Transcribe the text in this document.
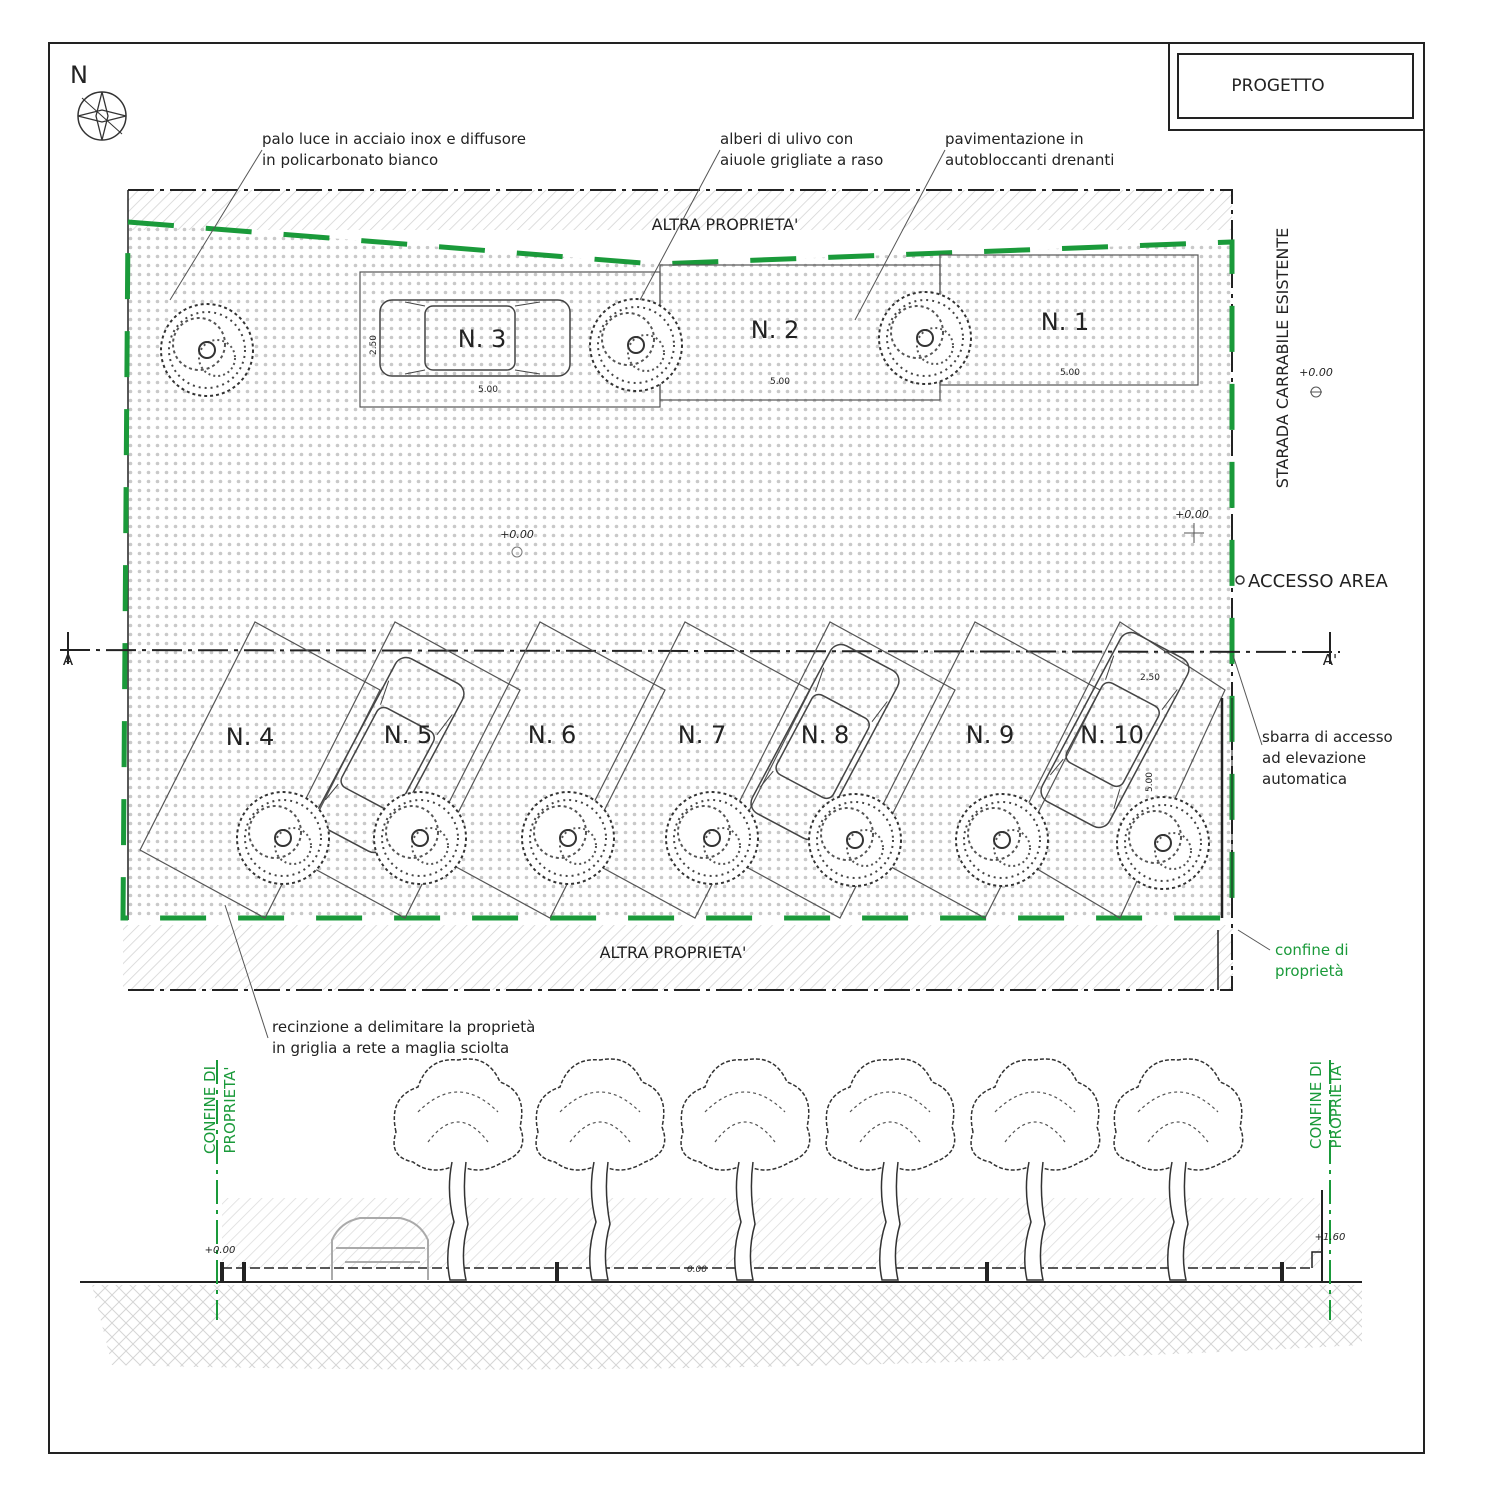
PROGETTO
N
A	A'
N. 1
N. 2
N. 3
N. 4	N. 5	N. 6	N. 7	N. 8	N. 9	N. 10
5.00
5.00
5.00
2.50
5.00
2.50
ALTRA PROPRIETA'
ALTRA PROPRIETA'
STARADA CARRABILE ESISTENTE +0.00
+0.00
+0.00
ACCESSO AREA
palo luce in acciaio inox e diffusore
in policarbonato bianco
alberi di ulivo con
aiuole grigliate a raso
pavimentazione in
autobloccanti drenanti
sbarra di accesso
ad elevazione
automatica
confine di
proprietà
recinzione a delimitare la proprietà
in griglia a rete a maglia sciolta
CONFINE DI PROPRIETA'	CONFINE DI PROPRIETA'
+0.00
0.00
+1.60
